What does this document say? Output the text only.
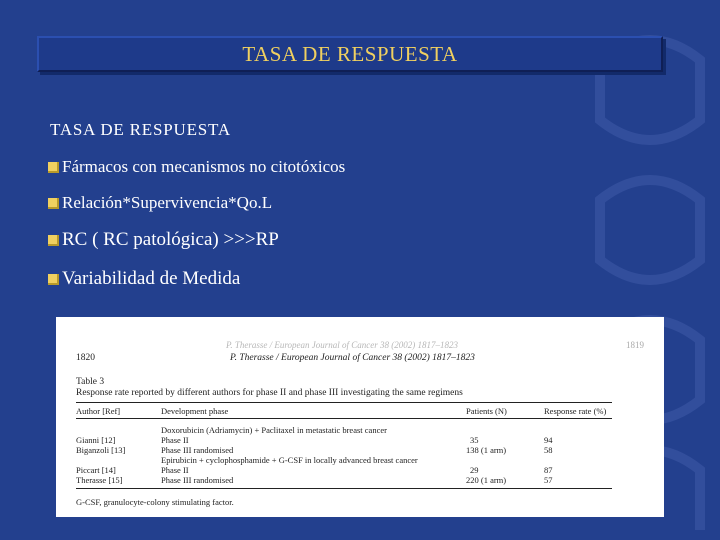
TASA DE RESPUESTA
TASA DE RESPUESTA
Fármacos con mecanismos no citotóxicos
Relación*Supervivencia*Qo.L
RC ( RC patológica) >>>RP
Variabilidad de Medida
P. Therasse / European Journal of Cancer 38 (2002) 1817–1823	1819
1820	P. Therasse / European Journal of Cancer 38 (2002) 1817–1823
Table 3
Response rate reported by different authors for phase II and phase III investigating the same regimens
Author [Ref]	Development phase	Patients (N)	Response rate (%)
Doxorubicin (Adriamycin) + Paclitaxel in metastatic breast cancer
Gianni [12]	Phase II	35	94
Biganzoli [13]	Phase III randomised	138 (1 arm)	58
Epirubicin + cyclophosphamide + G-CSF in locally advanced breast cancer
Piccart [14]	Phase II	29	87
Therasse [15]	Phase III randomised	220 (1 arm)	57
G-CSF, granulocyte-colony stimulating factor.
